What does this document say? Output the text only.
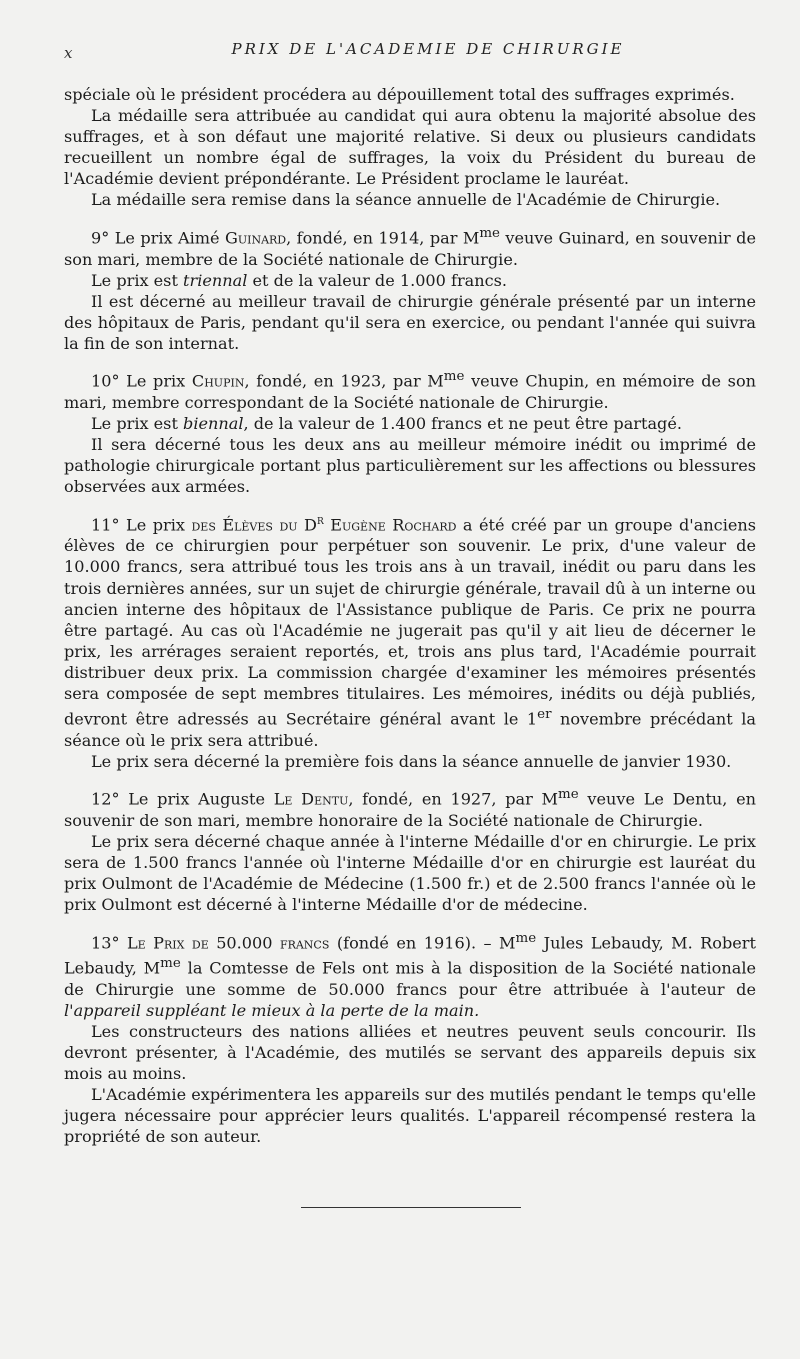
x	PRIX DE L'ACADEMIE DE CHIRURGIE

spéciale où le président procédera au dépouillement total des suffrages exprimés.

La médaille sera attribuée au candidat qui aura obtenu la majorité absolue des suffrages, et à son défaut une majorité relative. Si deux ou plusieurs candidats recueillent un nombre égal de suffrages, la voix du Président du bureau de l'Académie devient prépondérante. Le Président proclame le lauréat.

La médaille sera remise dans la séance annuelle de l'Académie de Chirurgie.

9° Le prix Aimé Guinard, fondé, en 1914, par $M^{me}$ veuve Guinard, en souvenir de son mari, membre de la Société nationale de Chirurgie.

Le prix est triennal et de la valeur de 1.000 francs.

Il est décerné au meilleur travail de chirurgie générale présenté par un interne des hôpitaux de Paris, pendant qu'il sera en exercice, ou pendant l'année qui suivra la fin de son internat.

10° Le prix Chupin, fondé, en 1923, par $M^{me}$ veuve Chupin, en mémoire de son mari, membre correspondant de la Société nationale de Chirurgie.

Le prix est biennal, de la valeur de 1.400 francs et ne peut être partagé.

Il sera décerné tous les deux ans au meilleur mémoire inédit ou imprimé de pathologie chirurgicale portant plus particulièrement sur les affections ou blessures observées aux armées.

11° Le prix des Élèves du $D^r$ Eugène Rochard a été créé par un groupe d'anciens élèves de ce chirurgien pour perpétuer son souvenir. Le prix, d'une valeur de 10.000 francs, sera attribué tous les trois ans à un travail, inédit ou paru dans les trois dernières années, sur un sujet de chirurgie générale, travail dû à un interne ou ancien interne des hôpitaux de l'Assistance publique de Paris. Ce prix ne pourra être partagé. Au cas où l'Académie ne jugerait pas qu'il y ait lieu de décerner le prix, les arrérages seraient reportés, et, trois ans plus tard, l'Académie pourrait distribuer deux prix. La commission chargée d'examiner les mémoires présentés sera composée de sept membres titulaires. Les mémoires, inédits ou déjà publiés, devront être adressés au Secrétaire général avant le 1er novembre précédant la séance où le prix sera attribué.

Le prix sera décerné la première fois dans la séance annuelle de janvier 1930.

12° Le prix Auguste Le Dentu, fondé, en 1927, par $M^{me}$ veuve Le Dentu, en souvenir de son mari, membre honoraire de la Société nationale de Chirurgie.

Le prix sera décerné chaque année à l'interne Médaille d'or en chirurgie. Le prix sera de 1.500 francs l'année où l'interne Médaille d'or en chirurgie est lauréat du prix Oulmont de l'Académie de Médecine (1.500 fr.) et de 2.500 francs l'année où le prix Oulmont est décerné à l'interne Médaille d'or de médecine.

13° Le Prix de 50.000 francs (fondé en 1916). – $M^{me}$ Jules Lebaudy, M. Robert Lebaudy, $M^{me}$ la Comtesse de Fels ont mis à la disposition de la Société nationale de Chirurgie une somme de 50.000 francs pour être attribuée à l'auteur de l'appareil suppléant le mieux à la perte de la main.

Les constructeurs des nations alliées et neutres peuvent seuls concourir. Ils devront présenter, à l'Académie, des mutilés se servant des appareils depuis six mois au moins.

L'Académie expérimentera les appareils sur des mutilés pendant le temps qu'elle jugera nécessaire pour apprécier leurs qualités. L'appareil récompensé restera la propriété de son auteur.
